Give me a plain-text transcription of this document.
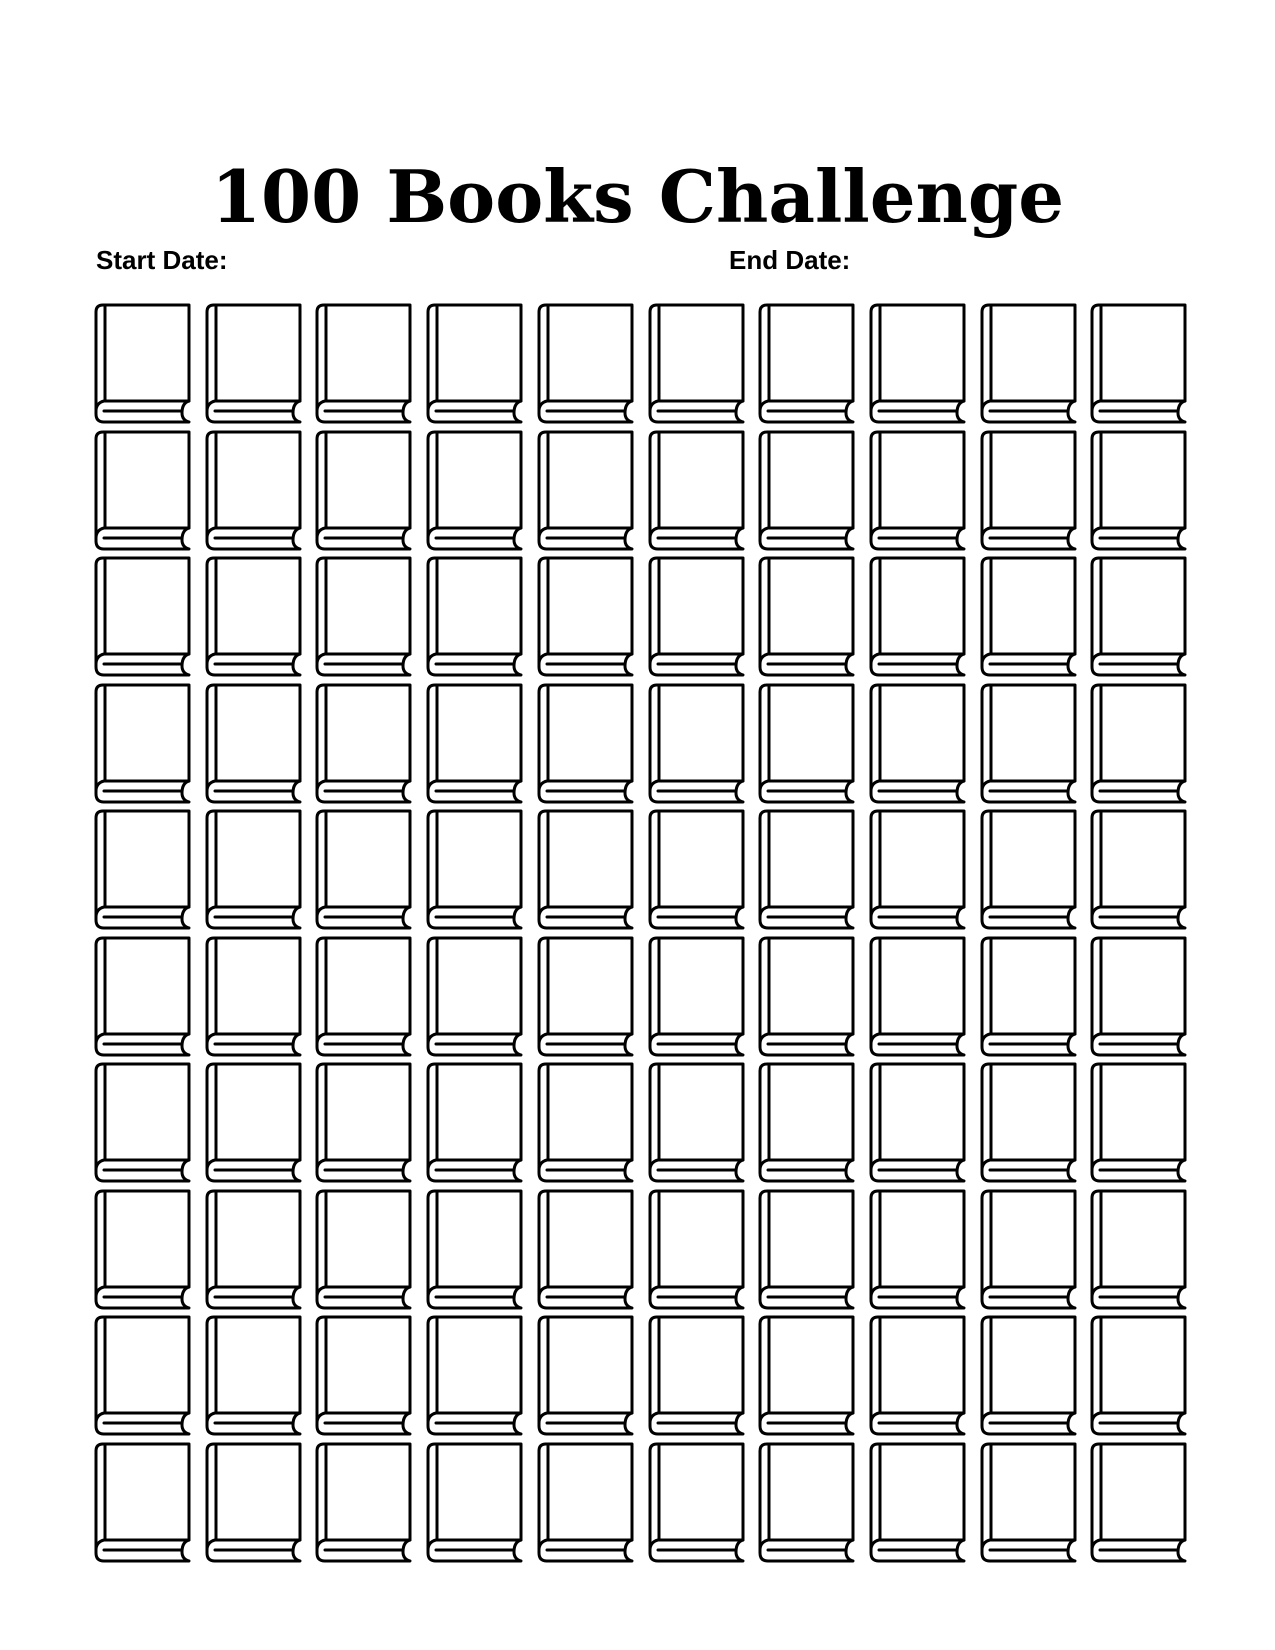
100 Books Challenge
Start Date:	End Date:
